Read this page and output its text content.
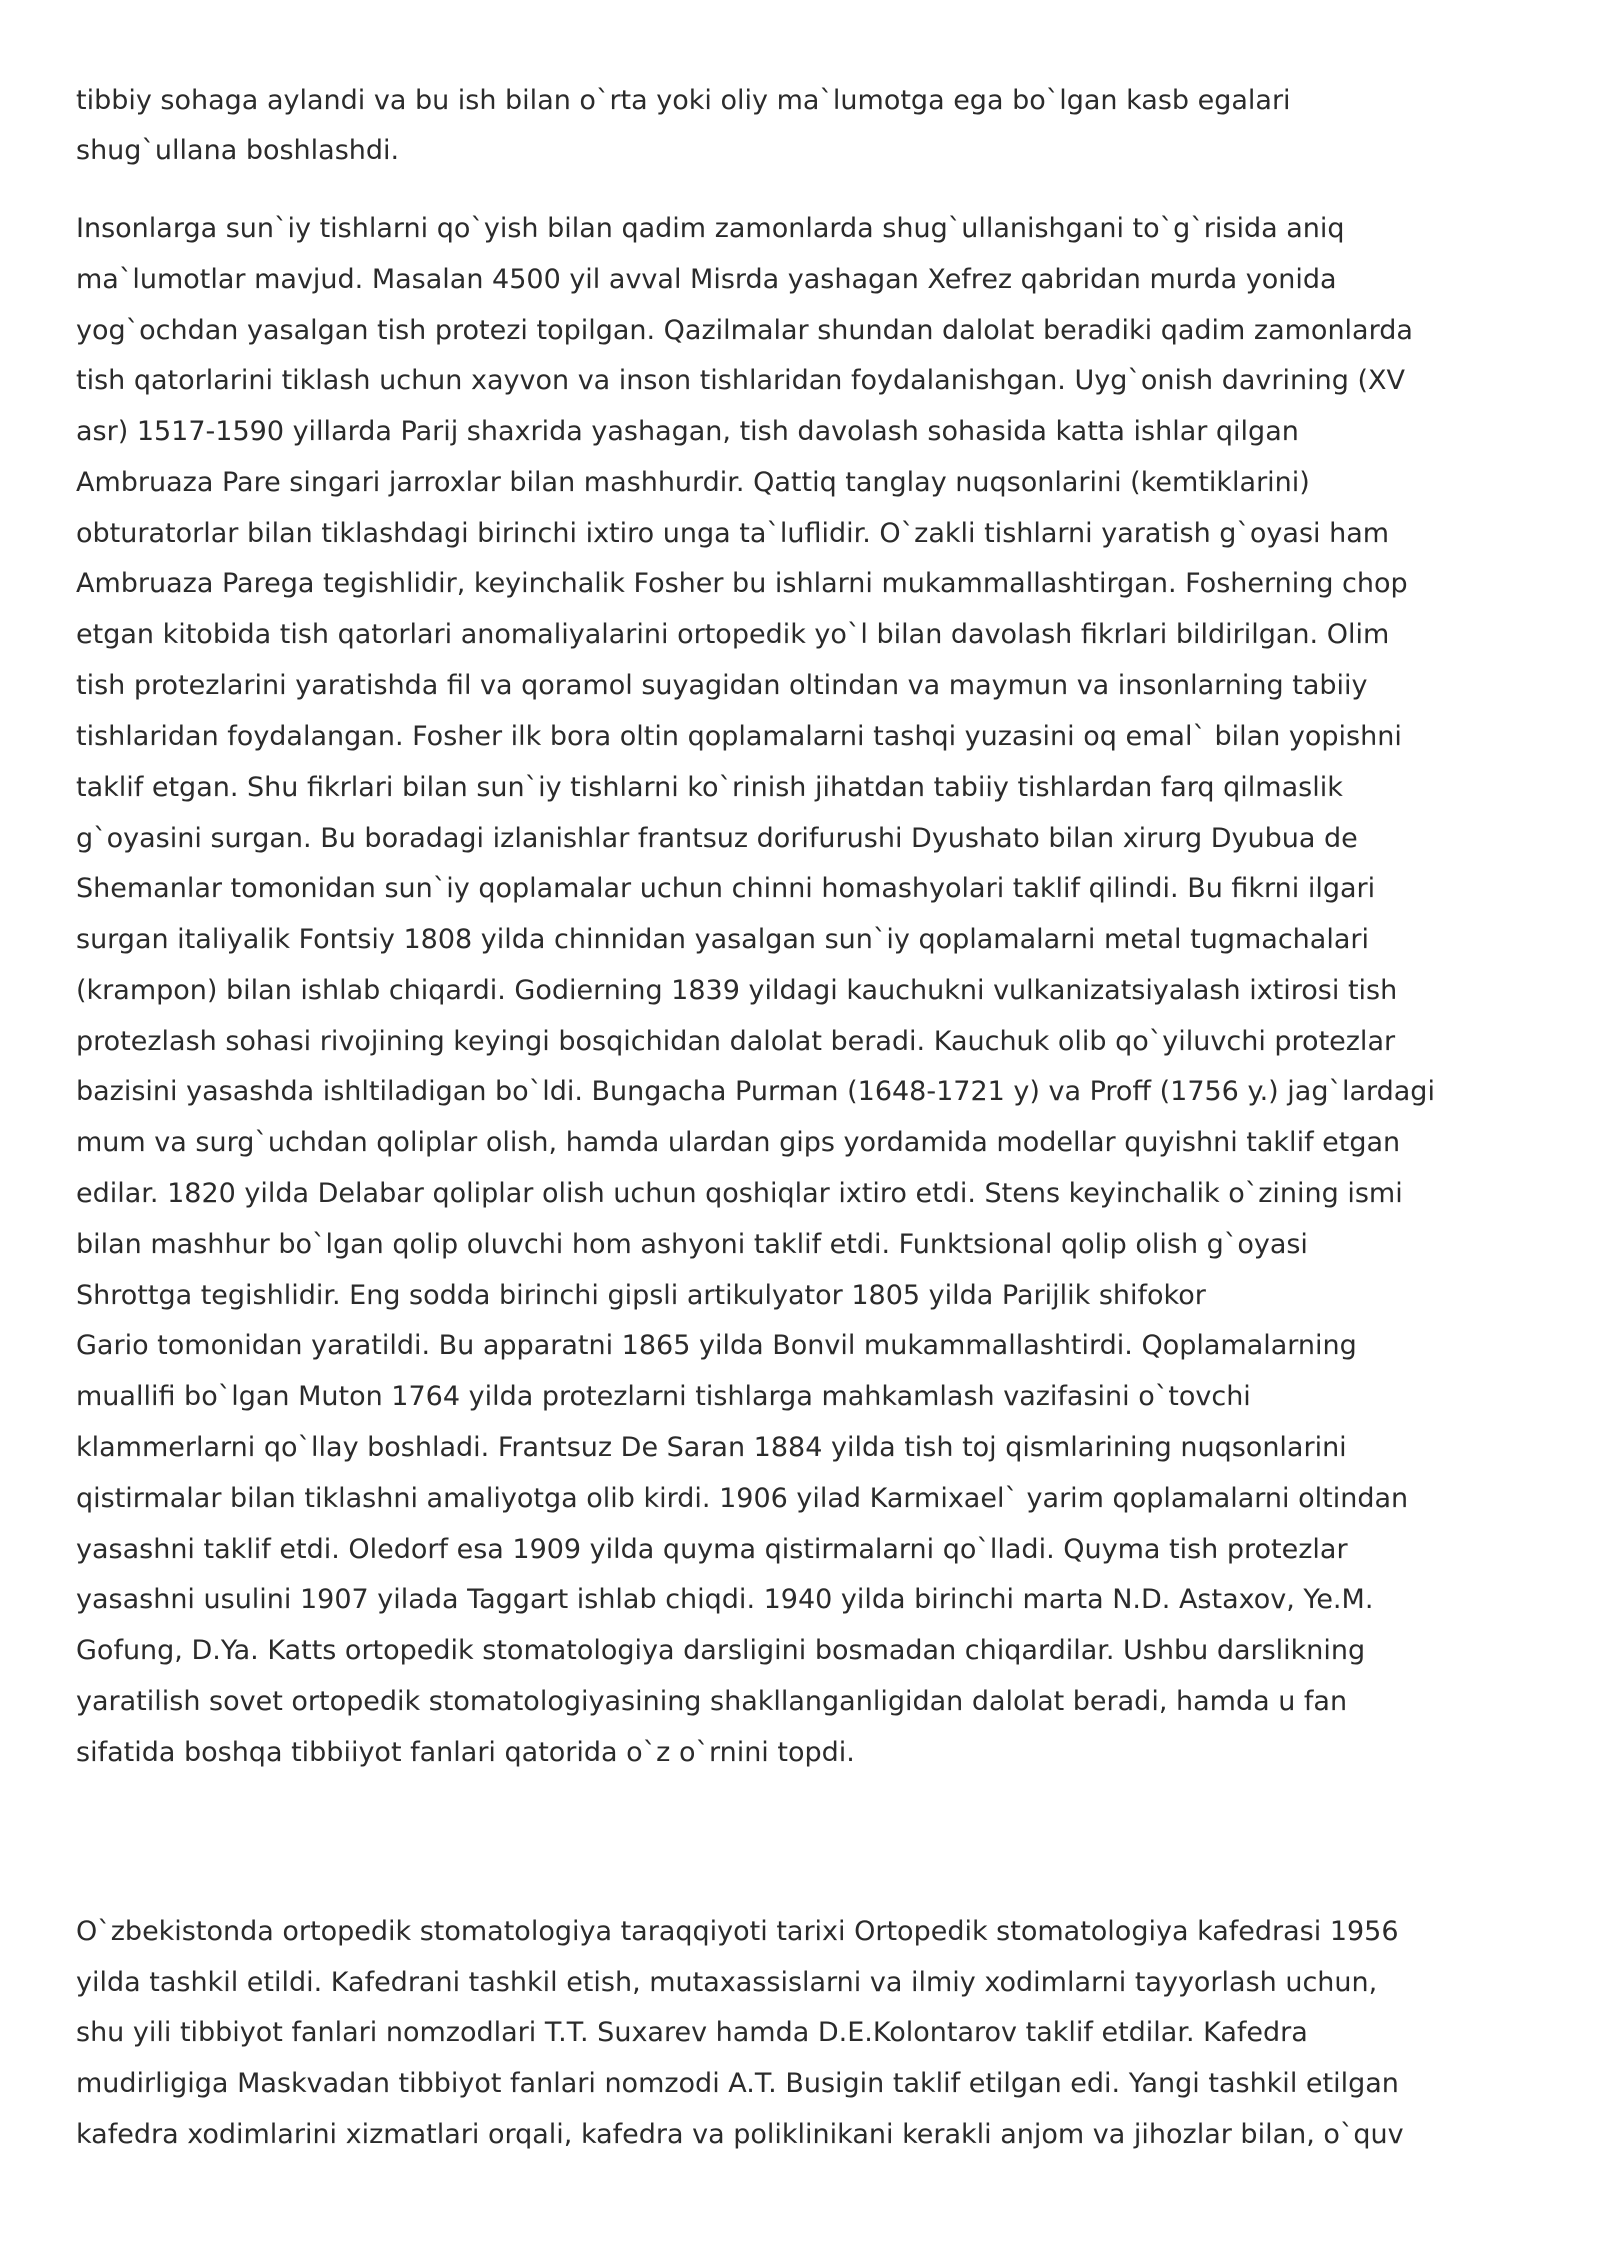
tibbiy sohaga aylandi va bu ish bilan o`rta yoki oliy ma`lumotga ega bo`lgan kasb egalari

shug`ullana boshlashdi.

Insonlarga sun`iy tishlarni qo`yish bilan qadim zamonlarda shug`ullanishgani to`g`risida aniq

ma`lumotlar mavjud. Masalan 4500 yil avval Misrda yashagan Xefrez qabridan murda yonida

yog`ochdan yasalgan tish protezi topilgan. Qazilmalar shundan dalolat beradiki qadim zamonlarda

tish qatorlarini tiklash uchun xayvon va inson tishlaridan foydalanishgan. Uyg`onish davrining (XV

asr) 1517-1590 yillarda Parij shaxrida yashagan, tish davolash sohasida katta ishlar qilgan

Ambruaza Pare singari jarroxlar bilan mashhurdir. Qattiq tanglay nuqsonlarini (kemtiklarini)

obturatorlar bilan tiklashdagi birinchi ixtiro unga ta`luflidir. O`zakli tishlarni yaratish g`oyasi ham

Ambruaza Parega tegishlidir, keyinchalik Fosher bu ishlarni mukammallashtirgan. Fosherning chop

etgan kitobida tish qatorlari anomaliyalarini ortopedik yo`l bilan davolash fikrlari bildirilgan. Olim

tish protezlarini yaratishda fil va qoramol suyagidan oltindan va maymun va insonlarning tabiiy

tishlaridan foydalangan. Fosher ilk bora oltin qoplamalarni tashqi yuzasini oq emal` bilan yopishni

taklif etgan. Shu fikrlari bilan sun`iy tishlarni ko`rinish jihatdan tabiiy tishlardan farq qilmaslik

g`oyasini surgan. Bu boradagi izlanishlar frantsuz dorifurushi Dyushato bilan xirurg Dyubua de

Shemanlar tomonidan sun`iy qoplamalar uchun chinni homashyolari taklif qilindi. Bu fikrni ilgari

surgan italiyalik Fontsiy 1808 yilda chinnidan yasalgan sun`iy qoplamalarni metal tugmachalari

(krampon) bilan ishlab chiqardi. Godierning 1839 yildagi kauchukni vulkanizatsiyalash ixtirosi tish

protezlash sohasi rivojining keyingi bosqichidan dalolat beradi. Kauchuk olib qo`yiluvchi protezlar

bazisini yasashda ishltiladigan bo`ldi. Bungacha Purman (1648-1721 y) va Proff (1756 y.) jag`lardagi

mum va surg`uchdan qoliplar olish, hamda ulardan gips yordamida modellar quyishni taklif etgan

edilar. 1820 yilda Delabar qoliplar olish uchun qoshiqlar ixtiro etdi. Stens keyinchalik o`zining ismi

bilan mashhur bo`lgan qolip oluvchi hom ashyoni taklif etdi. Funktsional qolip olish g`oyasi

Shrottga tegishlidir. Eng sodda birinchi gipsli artikulyator 1805 yilda Parijlik shifokor

Gario tomonidan yaratildi. Bu apparatni 1865 yilda Bonvil mukammallashtirdi. Qoplamalarning

muallifi bo`lgan Muton 1764 yilda protezlarni tishlarga mahkamlash vazifasini o`tovchi

klammerlarni qo`llay boshladi. Frantsuz De Saran 1884 yilda tish toj qismlarining nuqsonlarini

qistirmalar bilan tiklashni amaliyotga olib kirdi. 1906 yilad Karmixael` yarim qoplamalarni oltindan

yasashni taklif etdi. Oledorf esa 1909 yilda quyma qistirmalarni qo`lladi. Quyma tish protezlar

yasashni usulini 1907 yilada Taggart ishlab chiqdi. 1940 yilda birinchi marta N.D. Astaxov, Ye.M.

Gofung, D.Ya. Katts ortopedik stomatologiya darsligini bosmadan chiqardilar. Ushbu darslikning

yaratilish sovet ortopedik stomatologiyasining shakllanganligidan dalolat beradi, hamda u fan

sifatida boshqa tibbiiyot fanlari qatorida o`z o`rnini topdi.

O`zbekistonda ortopedik stomatologiya taraqqiyoti tarixi Ortopedik stomatologiya kafedrasi 1956

yilda tashkil etildi. Kafedrani tashkil etish, mutaxassislarni va ilmiy xodimlarni tayyorlash uchun,

shu yili tibbiyot fanlari nomzodlari T.T. Suxarev hamda D.E.Kolontarov taklif etdilar. Kafedra

mudirligiga Maskvadan tibbiyot fanlari nomzodi A.T. Busigin taklif etilgan edi. Yangi tashkil etilgan

kafedra xodimlarini xizmatlari orqali, kafedra va poliklinikani kerakli anjom va jihozlar bilan, o`quv
